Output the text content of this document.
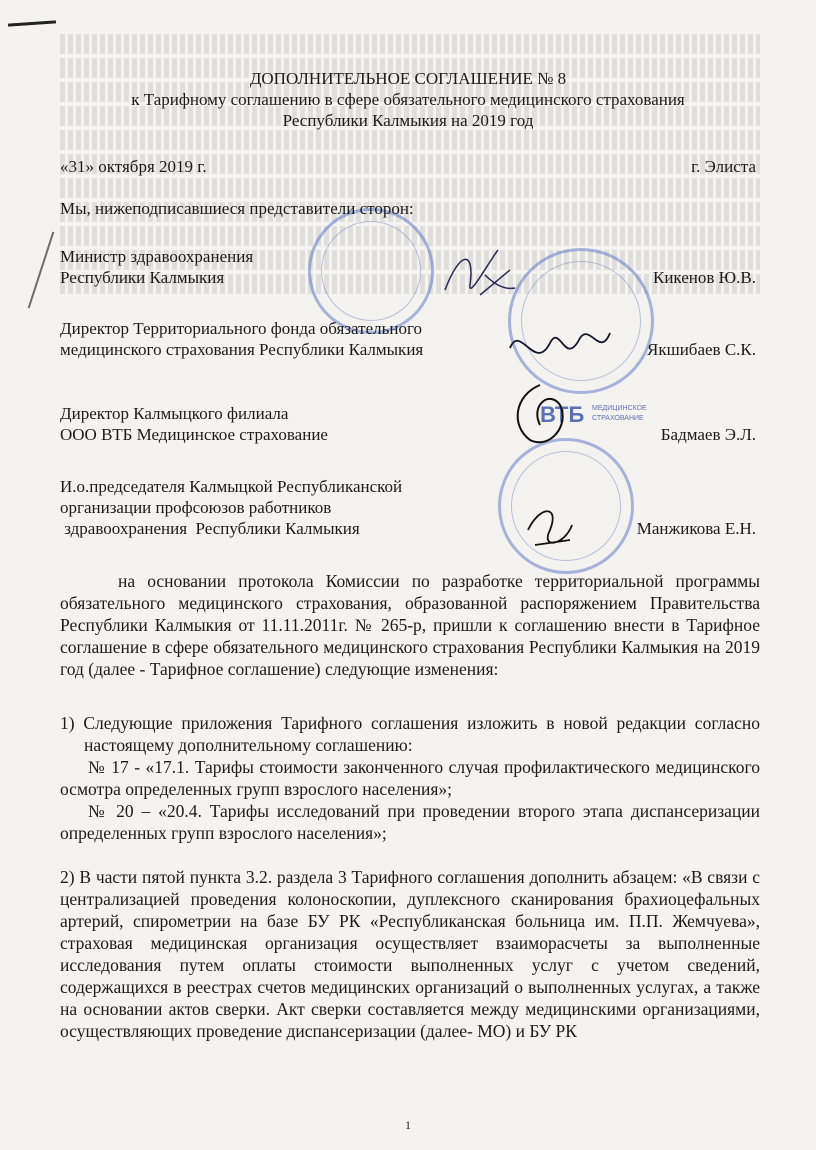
ВТБ МЕДИЦИНСКОЕ
СТРАХОВАНИЕ
ДОПОЛНИТЕЛЬНОЕ СОГЛАШЕНИЕ № 8
к Тарифному соглашению в сфере обязательного медицинского страхования
Республики Калмыкия на 2019 год
«31» октября 2019 г.	г. Элиста
Мы, нижеподписавшиеся представители сторон:
Министр здравоохранения
Республики Калмыкия	Кикенов Ю.В.
Директор Территориального фонда обязательного
медицинского страхования Республики Калмыкия	Якшибаев С.К.
Директор Калмыцкого филиала
ООО ВТБ Медицинское страхование	Бадмаев Э.Л.
И.о.председателя Калмыцкой Республиканской
организации профсоюзов работников
здравоохранения  Республики Калмыкия	Манжикова Е.Н.
на основании протокола Комиссии по разработке территориальной программы обязательного медицинского страхования, образованной распоряжением Правительства Республики Калмыкия от 11.11.2011г. № 265-р, пришли к соглашению внести в Тарифное соглашение в сфере обязательного медицинского страхования Республики Калмыкия на 2019 год (далее - Тарифное соглашение) следующие изменения:
1) Следующие приложения Тарифного соглашения изложить в новой редакции согласно настоящему дополнительному соглашению:
№ 17 - «17.1. Тарифы стоимости законченного случая профилактического медицинского осмотра определенных групп взрослого населения»;
№ 20 – «20.4. Тарифы исследований при проведении второго этапа диспансеризации определенных групп взрослого населения»;
2) В части пятой пункта 3.2. раздела 3 Тарифного соглашения дополнить абзацем: «В связи с централизацией проведения колоноскопии, дуплексного сканирования брахиоцефальных артерий, спирометрии на базе БУ РК «Республиканская больница им. П.П. Жемчуева», страховая медицинская организация осуществляет взаиморасчеты за выполненные исследования путем оплаты стоимости выполненных услуг с учетом сведений, содержащихся в реестрах счетов медицинских организаций о выполненных услугах, а также на основании актов сверки. Акт сверки составляется между медицинскими организациями, осуществляющих проведение диспансеризации (далее- МО) и БУ РК
1
